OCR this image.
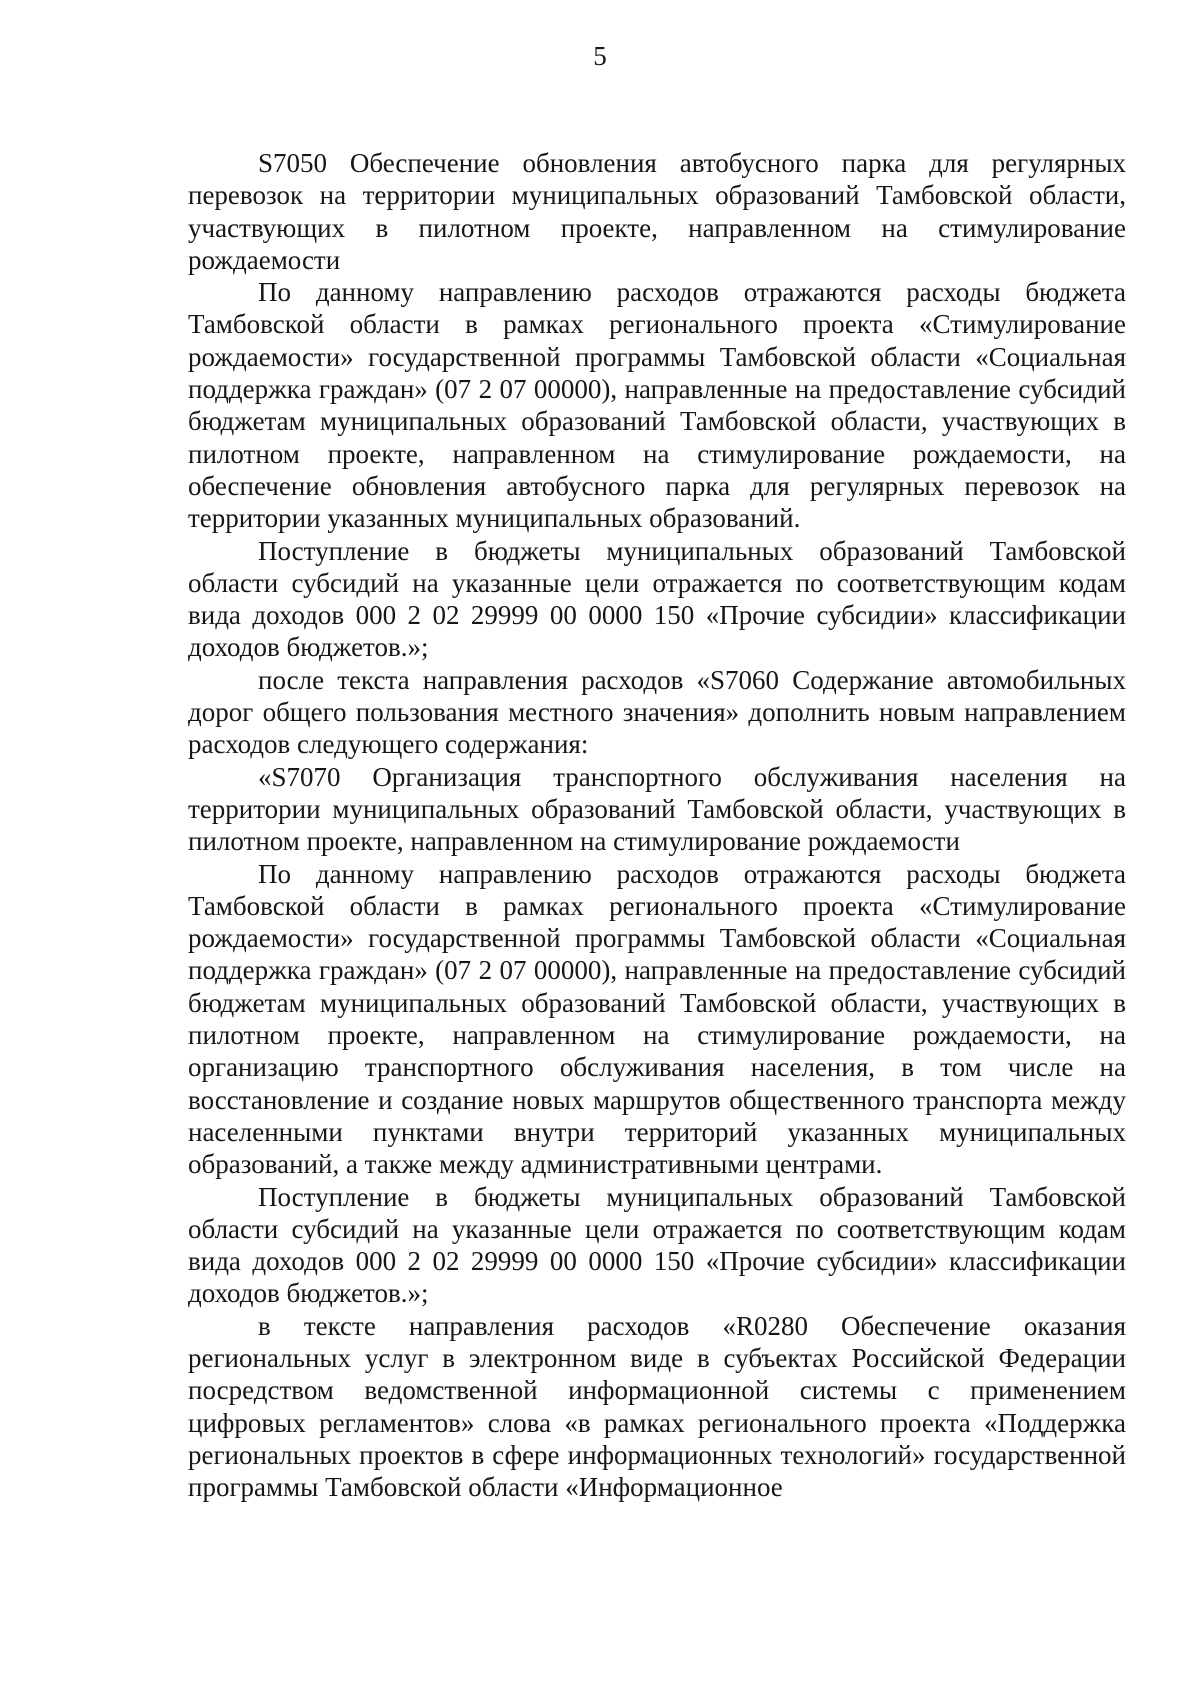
5

S7050 Обеспечение обновления автобусного парка для регулярных перевозок на территории муниципальных образований Тамбовской области, участвующих в пилотном проекте, направленном на стимулирование рождаемости

По данному направлению расходов отражаются расходы бюджета Тамбовской области в рамках регионального проекта «Стимулирование рождаемости» государственной программы Тамбовской области «Социальная поддержка граждан» (07 2 07 00000), направленные на предоставление субсидий бюджетам муниципальных образований Тамбовской области, участвующих в пилотном проекте, направленном на стимулирование рождаемости, на обеспечение обновления автобусного парка для регулярных перевозок на территории указанных муниципальных образований.

Поступление в бюджеты муниципальных образований Тамбовской области субсидий на указанные цели отражается по соответствующим кодам вида доходов 000 2 02 29999 00 0000 150 «Прочие субсидии» классификации доходов бюджетов.»;

после текста направления расходов «S7060 Содержание автомобильных дорог общего пользования местного значения» дополнить новым направлением расходов следующего содержания:

«S7070 Организация транспортного обслуживания населения на территории муниципальных образований Тамбовской области, участвующих в пилотном проекте, направленном на стимулирование рождаемости

По данному направлению расходов отражаются расходы бюджета Тамбовской области в рамках регионального проекта «Стимулирование рождаемости» государственной программы Тамбовской области «Социальная поддержка граждан» (07 2 07 00000), направленные на предоставление субсидий бюджетам муниципальных образований Тамбовской области, участвующих в пилотном проекте, направленном на стимулирование рождаемости, на организацию транспортного обслуживания населения, в том числе на восстановление и создание новых маршрутов общественного транспорта между населенными пунктами внутри территорий указанных муниципальных образований, а также между административными центрами.

Поступление в бюджеты муниципальных образований Тамбовской области субсидий на указанные цели отражается по соответствующим кодам вида доходов 000 2 02 29999 00 0000 150 «Прочие субсидии» классификации доходов бюджетов.»;

в тексте направления расходов «R0280 Обеспечение оказания региональных услуг в электронном виде в субъектах Российской Федерации посредством ведомственной информационной системы с применением цифровых регламентов» слова «в рамках регионального проекта «Поддержка региональных проектов в сфере информационных технологий» государственной программы Тамбовской области «Информационное
